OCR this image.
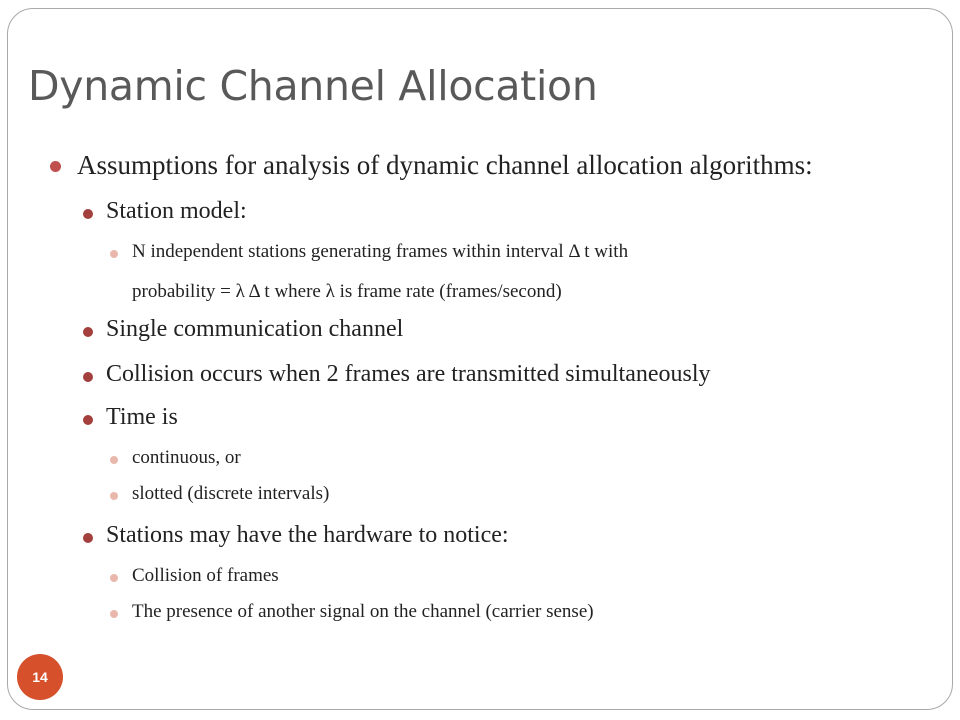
Dynamic Channel Allocation
Assumptions for analysis of dynamic channel allocation algorithms:
Station model:
N independent stations generating frames within interval Δ t with
probability = λ Δ t where λ is frame rate (frames/second)
Single communication channel
Collision occurs when 2 frames are transmitted simultaneously
Time is
continuous, or
slotted (discrete intervals)
Stations may have the hardware to notice:
Collision of frames
The presence of another signal on the channel (carrier sense)
14
